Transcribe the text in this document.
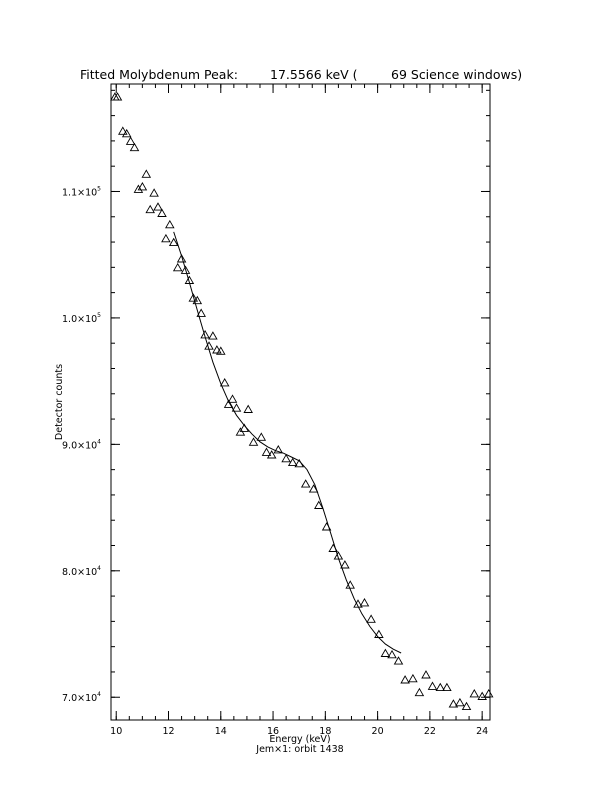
Fitted Molybdenum Peak:	17.5566 keV (	69 Science windows)
10	12	14	16	18	20	22	24
$7.0\times 10^4$
$8.0\times 10^4$
$9.0\times 10^4$
$1.0\times 10^5$
$1.1\times 10^5$
Energy (keV)
Jem×1: orbit 1438
Detector counts
